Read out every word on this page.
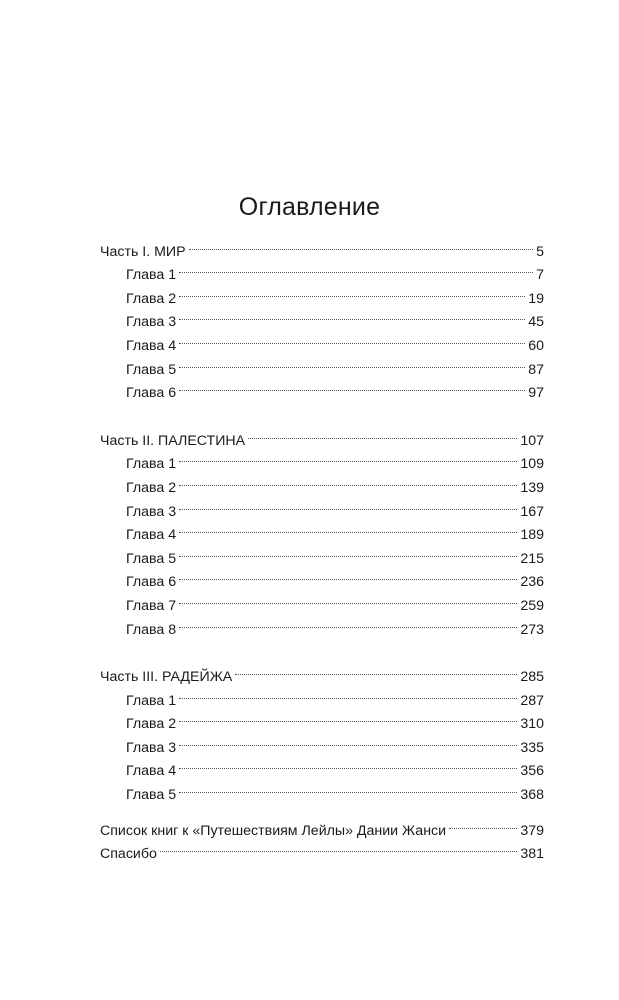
Оглавление
Часть I. МИР	5
Глава 1	7
Глава 2	19
Глава 3	45
Глава 4	60
Глава 5	87
Глава 6	97
Часть II. ПАЛЕСТИНА	107
Глава 1	109
Глава 2	139
Глава 3	167
Глава 4	189
Глава 5	215
Глава 6	236
Глава 7	259
Глава 8	273
Часть III. РАДЕЙЖА	285
Глава 1	287
Глава 2	310
Глава 3	335
Глава 4	356
Глава 5	368
Список книг к «Путешествиям Лейлы» Дании Жанси	379
Спасибо	381
